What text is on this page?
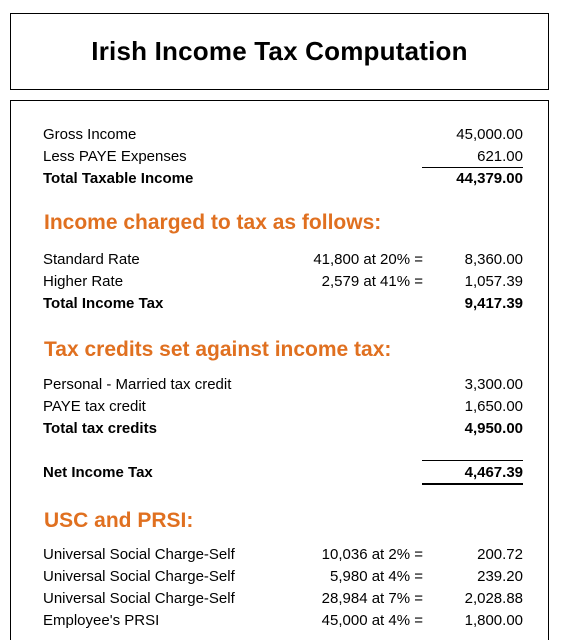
Irish Income Tax Computation
Gross Income	45,000.00
Less PAYE Expenses	621.00
Total Taxable Income	44,379.00
Income charged to tax as follows:
Standard Rate	41,800 at 20% =	8,360.00
Higher Rate	2,579 at 41% =	1,057.39
Total Income Tax	9,417.39
Tax credits set against income tax:
Personal - Married tax credit	3,300.00
PAYE tax credit	1,650.00
Total tax credits	4,950.00
Net Income Tax	4,467.39
USC and PRSI:
Universal Social Charge-Self	10,036 at 2% =	200.72
Universal Social Charge-Self	5,980 at 4% =	239.20
Universal Social Charge-Self	28,984 at 7% =	2,028.88
Employee's PRSI	45,000 at 4% =	1,800.00
